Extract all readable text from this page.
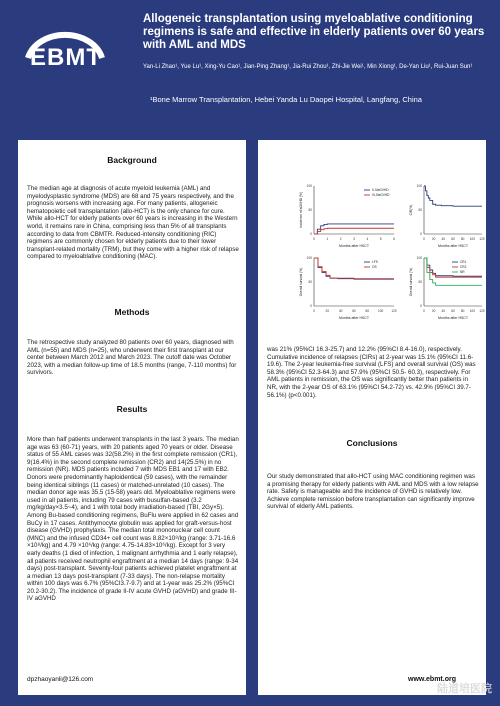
EBMT
Allogeneic transplantation using myeloablative conditioning regimens is safe and effective in elderly patients over 60 years with AML and MDS
Yan-Li Zhao¹, Yue Lu¹, Xing-Yu Cao¹, Jian-Ping Zhang¹, Jia-Rui Zhou¹, Zhi-Jie Wei¹, Min Xiong¹, De-Yan Liu¹, Rui-Juan Sun¹
¹Bone Marrow Transplantation, Hebei Yanda Lu Daopei Hospital, Langfang, China
Background
The median age at diagnosis of acute myeloid leukemia (AML) and myelodysplastic syndrome (MDS) are 68 and 75 years respectively, and the prognosis worsens with increasing age. For many patients, allogeneic hematopoietic cell transplantation (allo-HCT) is the only chance for cure. While allo-HCT for elderly patients over 60 years is increasing in the Western world, it remains rare in China, comprising less than 5% of all transplants according to data from CBMTR. Reduced-intensity conditioning (RIC) regimens are commonly chosen for elderly patients due to their lower transplant-related mortality (TRM), but they come with a higher risk of relapse compared to myeloablative conditioning (MAC).
Methods
The retrospective study analyzed 80 patients over 60 years, diagnosed with AML (n=55) and MDS (n=25), who underwent their first transplant at our center between March 2012 and March 2023. The cutoff date was October 2023, with a median follow-up time of 18.5 months (range, 7-110 months) for survivors.
Results
More than half patients underwent transplants in the last 3 years. The median age was 63 (60-71) years, with 20 patients aged 70 years or older. Disease status of 55 AML cases was 32(58.2%) in the first complete remission (CR1), 9(16.4%) in the second complete remission (CR2) and 14(25.5%) in no remission (NR). MDS patients included 7 with MDS EB1 and 17 with EB2. Donors were predominantly haploidentical (59 cases), with the remainder being identical siblings (11 cases) or matched-unrelated (10 cases). The median donor age was 35.5 (15-58) years old. Myeloablative regimens were used in all patients, including 79 cases with busulfan-based (3.2 mg/kg/day×3.5~4), and 1 with total body irradiation-based (TBI, 2Gy×5). Among Bu-based conditioning regimens, BuFlu were applied in 62 cases and BuCy in 17 cases. Antithymocyte globulin was applied for graft-versus-host disease (GVHD) prophylaxis. The median total mononuclear cell count (MNC) and the infused CD34+ cell count was 8.82×10⁸/kg (range: 3.71-16.6 ×10⁸/kg) and 4.79 ×10⁶/kg (range: 4.75-14.83×10⁶/kg). Except for 3 very early deaths (1 died of infection, 1 malignant arrhythmia and 1 early relapse), all patients received neutrophil engraftment at a median 14 days (range: 9-34 days) post-transplant. Seventy-four patients achieved platelet engraftment at a median 13 days post-transplant (7-33 days). The non-relapse mortality within 100 days was 6.7% (95%CI3.7-9.7) and at 1-year was 25.2% (95%CI 20.2-30.2). The incidence of grade II-IV acute GVHD (aGVHD) and grade III-IV aGVHD
dpzhaoyanli@126.com
0	1	2	3	4	5	6
0
50
100
Months after HSCT
Incidence of aGVHD (%)
II-IVaGVHD
III-IVaGVHD
0 20 40 60 80 100 120
0
50
100
Months after HSCT
CIR(%)
0	20	40	60	80	100	120
0
50
100
Months after HSCT
Overall survival (%)
LFS
OS
0 20 40 60 80 100 120
0
50
100
Months after HSCT
Overall survival (%)
CR1
CR2
NR
was 21% (95%CI 16.3-25.7) and 12.2% (95%CI 8.4-16.0), respectively. Cumulative incidence of relapses (CIRs) at 2-year was 15.1% (95%CI 11.6-19.6). The 2-year leukemia-free survival (LFS) and overall survival (OS) was 58.3% (95%CI 52.3-64.3) and 57.9% (95%CI 50.5- 60.3), respectively. For AML patients in remission, the OS was significantly better than patients in NR, with the 2-year OS of 63.1% (95%CI 54.2-72) vs. 42.9% (95%CI 39.7-56.1%) (p<0.001).
Conclusions
Our study demonstrated that allo-HCT using MAC conditioning regimen was a promising therapy for elderly patients with AML and MDS with a low relapse rate. Safety is manageable and the incidence of GVHD is relatively low. Achieve complete remission before transplantation can significantly improve survival of elderly AML patients.
www.ebmt.org
陆道培医院
